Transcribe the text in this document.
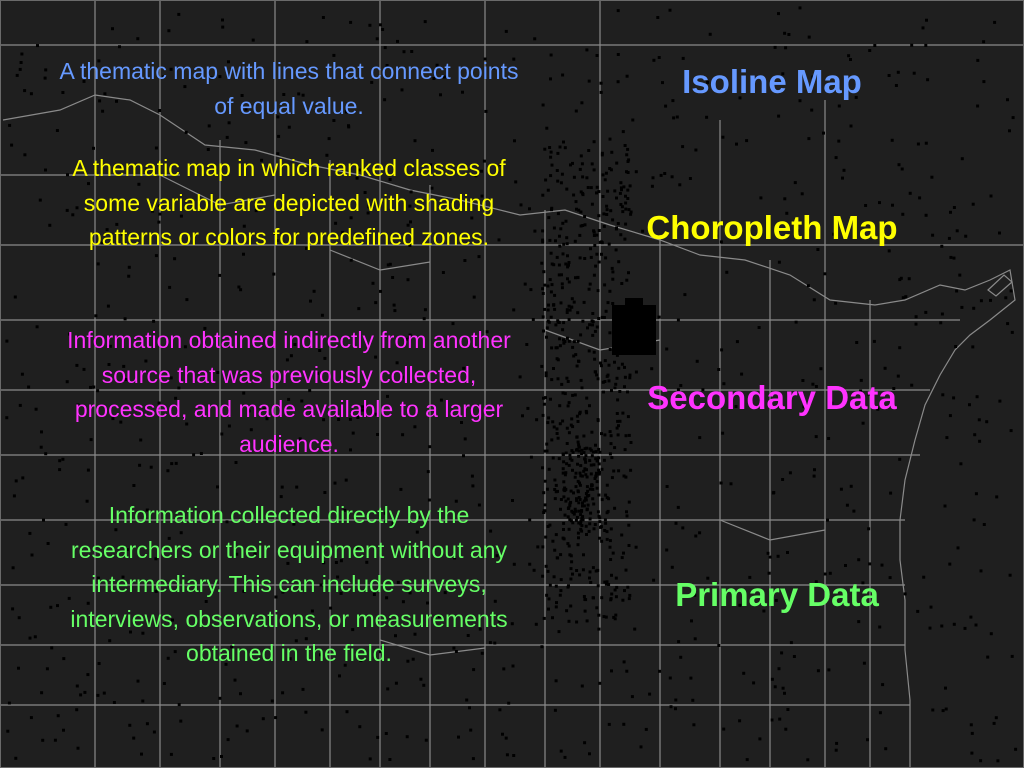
A thematic map with lines that connect points of equal value.

A thematic map in which ranked classes of some variable are depicted with shading patterns or colors for predefined zones.

Information obtained indirectly from another source that was previously collected, processed, and made available to a larger audience.

Information collected directly by the researchers or their equipment without any intermediary. This can include surveys, interviews, observations, or measurements obtained in the field.

Isoline Map

Choropleth Map

Secondary Data

Primary Data
